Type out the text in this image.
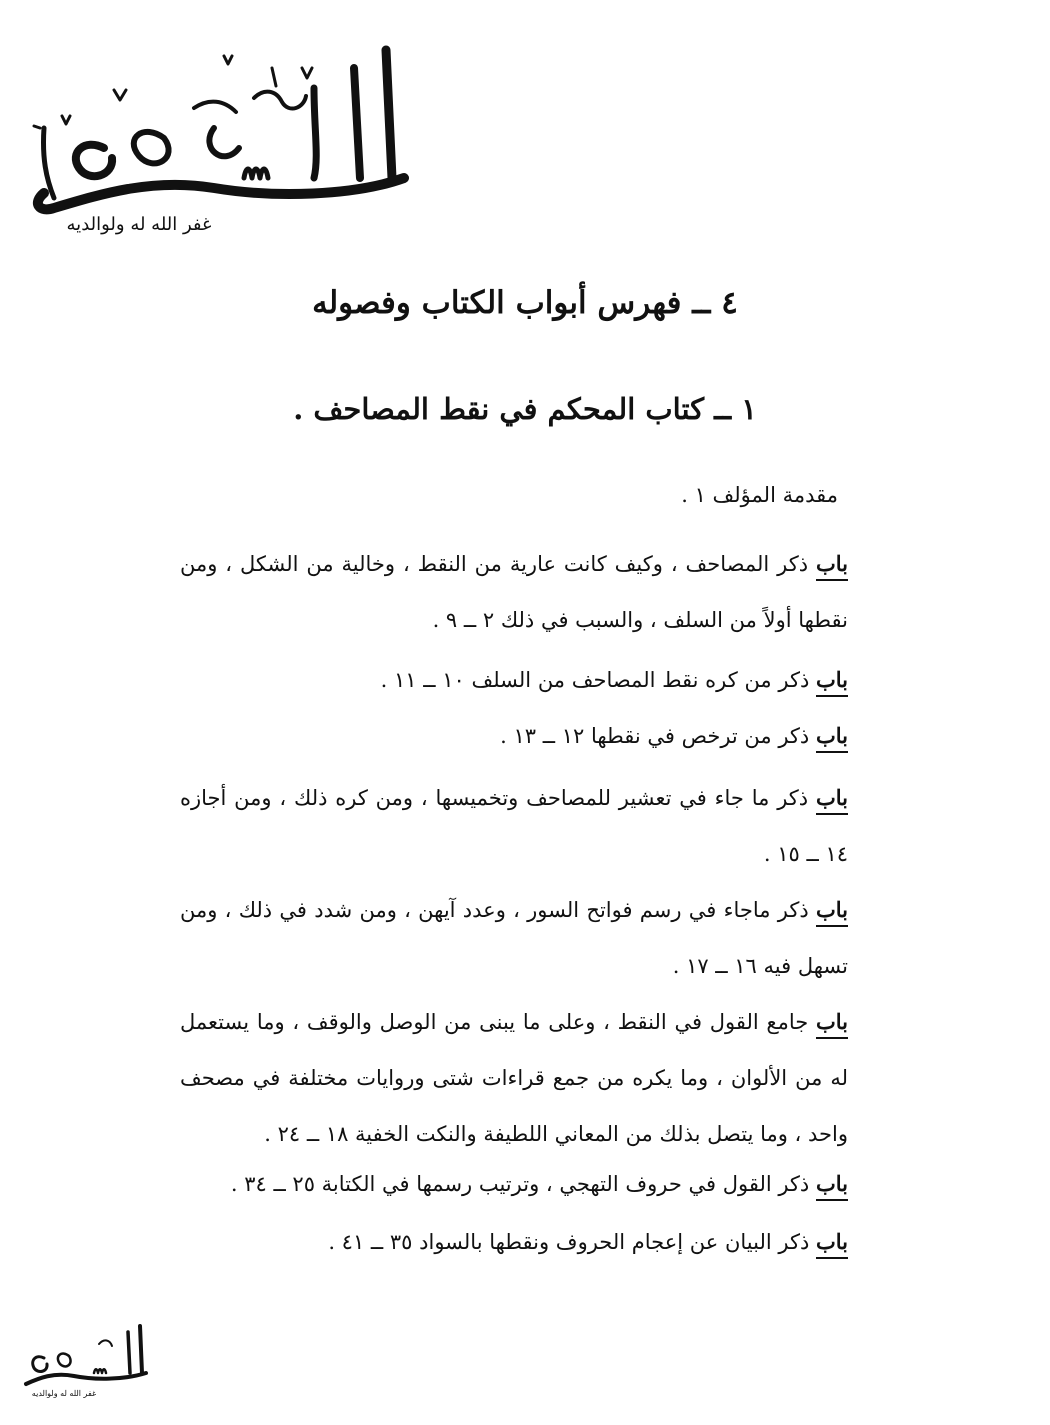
غفر الله له ولوالديه
٤ ــ فهرس أبواب الكتاب وفصوله
١ ــ كتاب المحكم في نقط المصاحف .
مقدمة المؤلف ١ .
باب ذكر المصاحف ، وكيف كانت عارية من النقط ، وخالية من الشكل ، ومن نقطها أولاً من السلف ، والسبب في ذلك ٢ ــ ٩ .
باب ذكر من كره نقط المصاحف من السلف ١٠ ــ ١١ .
باب ذكر من ترخص في نقطها ١٢ ــ ١٣ .
باب ذكر ما جاء في تعشير للمصاحف وتخميسها ، ومن كره ذلك ، ومن أجازه ١٤ ــ ١٥ .
باب ذكر ماجاء في رسم فواتح السور ، وعدد آيهن ، ومن شدد في ذلك ، ومن تسهل فيه ١٦ ــ ١٧ .
باب جامع القول في النقط ، وعلى ما يبنى من الوصل والوقف ، وما يستعمل له من الألوان ، وما يكره من جمع قراءات شتى وروايات مختلفة في مصحف واحد ، وما يتصل بذلك من المعاني اللطيفة والنكت الخفية ١٨ ــ ٢٤ .
باب ذكر القول في حروف التهجي ، وترتيب رسمها في الكتابة ٢٥ ــ ٣٤ .
باب ذكر البيان عن إعجام الحروف ونقطها بالسواد ٣٥ ــ ٤١ .
غفر الله له ولوالديه
